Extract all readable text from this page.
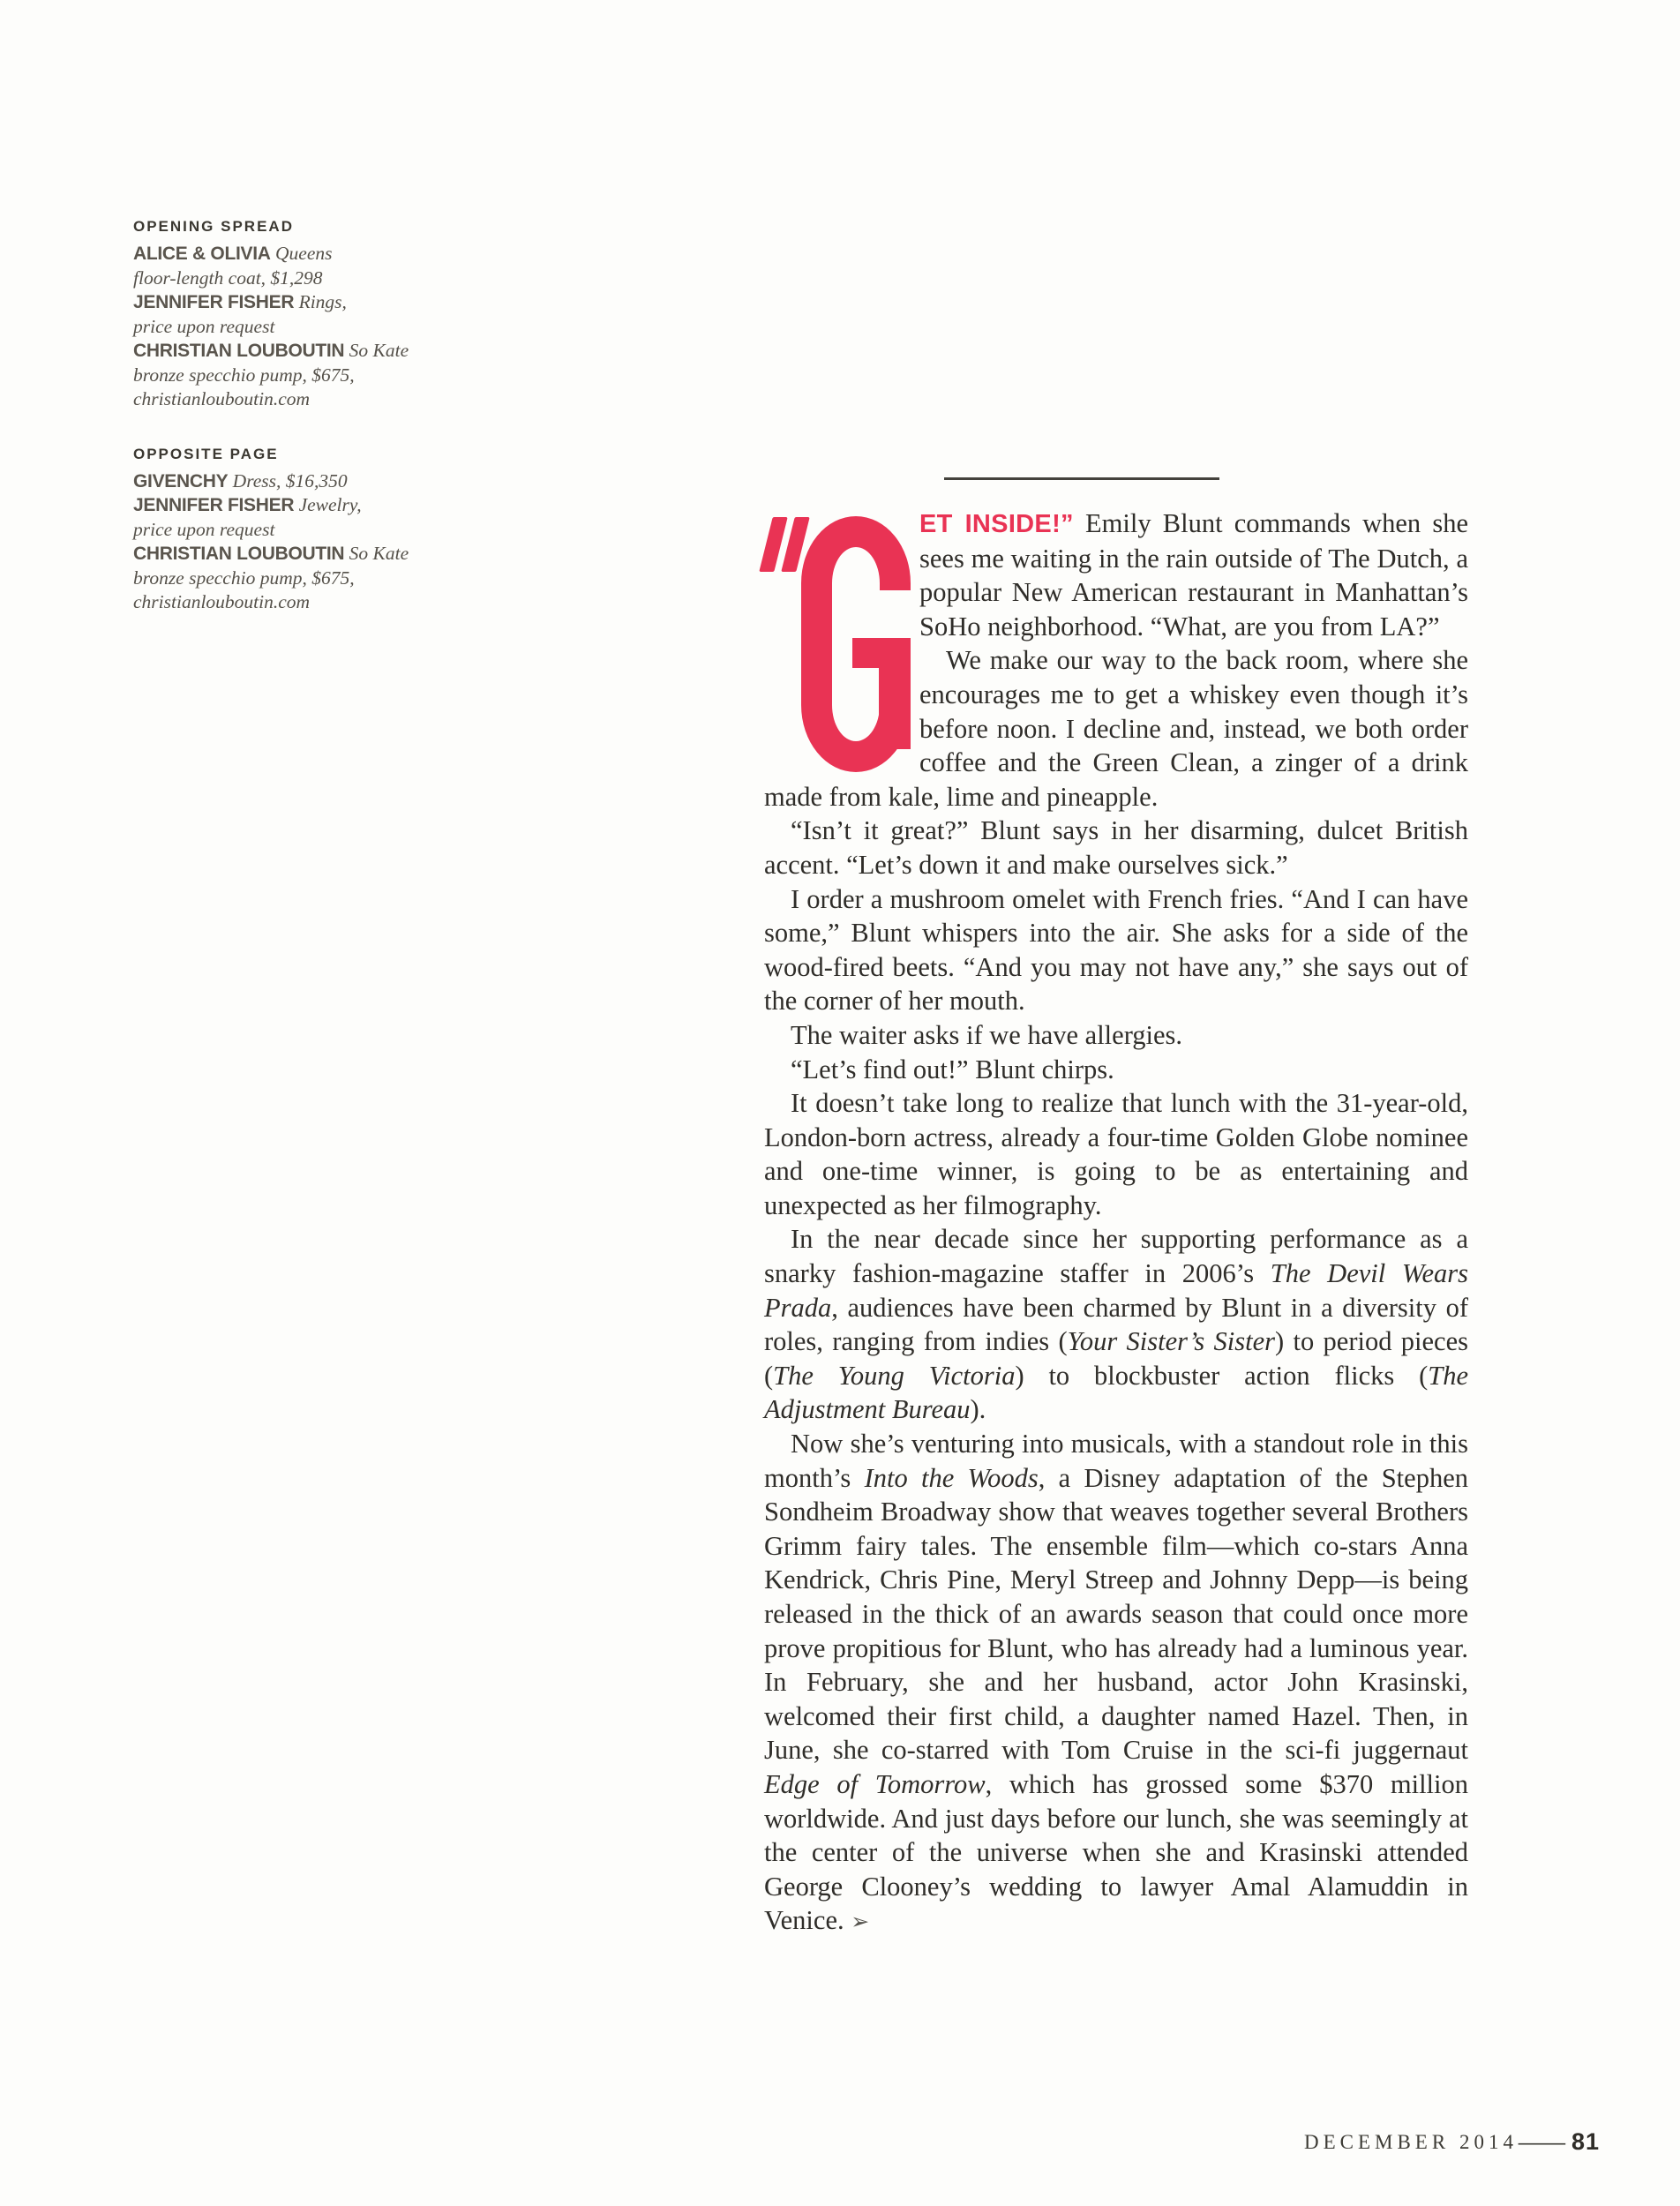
OPENING SPREAD
ALICE & OLIVIA Queens
floor-length coat, $1,298
JENNIFER FISHER Rings,
price upon request
CHRISTIAN LOUBOUTIN So Kate
bronze specchio pump, $675,
christianlouboutin.com
OPPOSITE PAGE
GIVENCHY Dress, $16,350
JENNIFER FISHER Jewelry,
price upon request
CHRISTIAN LOUBOUTIN So Kate
bronze specchio pump, $675,
christianlouboutin.com

ET INSIDE!” Emily Blunt commands when she sees me waiting in the rain outside of The Dutch, a popular New American restaurant in Manhattan’s SoHo neighborhood. “What, are you from LA?”

We make our way to the back room, where she encourages me to get a whiskey even though it’s before noon. I decline and, instead, we both order coffee and the Green Clean, a zinger of a drink made from kale, lime and pineapple.

“Isn’t it great?” Blunt says in her disarming, dulcet British accent. “Let’s down it and make ourselves sick.”

I order a mushroom omelet with French fries. “And I can have some,” Blunt whispers into the air. She asks for a side of the wood-fired beets. “And you may not have any,” she says out of the corner of her mouth.

The waiter asks if we have allergies.

“Let’s find out!” Blunt chirps.

It doesn’t take long to realize that lunch with the 31-year-old, London-born actress, already a four-time Golden Globe nominee and one-time winner, is going to be as entertaining and unexpected as her filmography.

In the near decade since her supporting performance as a snarky fashion-magazine staffer in 2006’s The Devil Wears Prada, audiences have been charmed by Blunt in a diversity of roles, ranging from indies (Your Sister’s Sister) to period pieces (The Young Victoria) to blockbuster action flicks (The Adjustment Bureau).

Now she’s venturing into musicals, with a standout role in this month’s Into the Woods, a Disney adaptation of the Stephen Sondheim Broadway show that weaves together several Brothers Grimm fairy tales. The ensemble film—which co-stars Anna Kendrick, Chris Pine, Meryl Streep and Johnny Depp—is being released in the thick of an awards season that could once more prove propitious for Blunt, who has already had a luminous year. In February, she and her husband, actor John Krasinski, welcomed their first child, a daughter named Hazel. Then, in June, she co-starred with Tom Cruise in the sci-fi juggernaut Edge of Tomorrow, which has grossed some $370 million worldwide. And just days before our lunch, she was seemingly at the center of the universe when she and Krasinski attended George Clooney’s wedding to lawyer Amal Alamuddin in Venice. ➢

DECEMBER 2014 — 81
